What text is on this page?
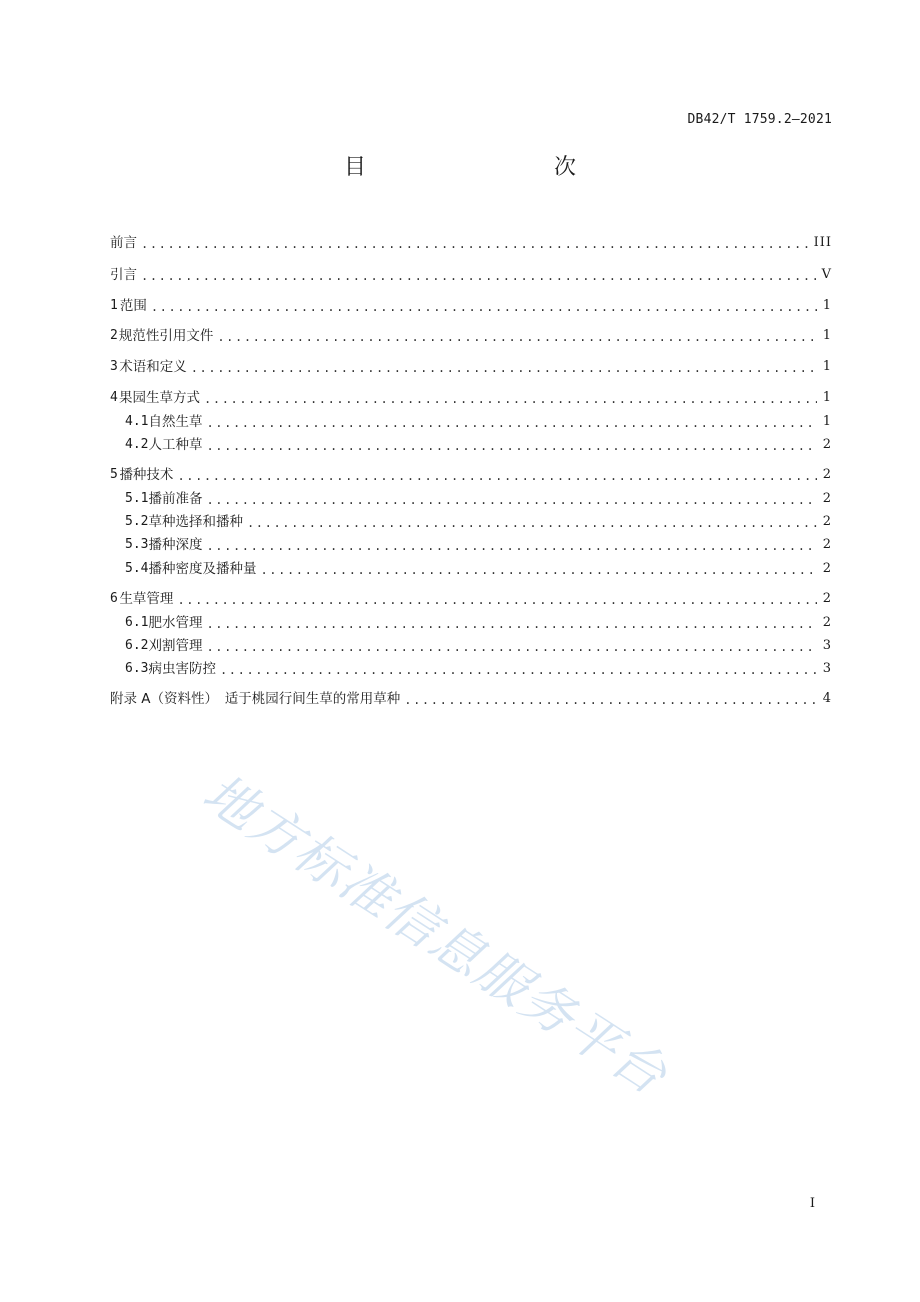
DB42/T 1759.2—2021
目　　次
前言 .....	III
引言 .....	V
1 范围 .....	1
2 规范性引用文件 .....	1
3 术语和定义 .....	1
4 果园生草方式 .....	1
4.1 自然生草 .....	1
4.2 人工种草 .....	2
5 播种技术 .....	2
5.1 播前准备 .....	2
5.2 草种选择和播种 .....	2
5.3 播种深度 .....	2
5.4 播种密度及播种量 .....	2
6 生草管理 .....	2
6.1 肥水管理 .....	2
6.2 刈割管理 .....	3
6.3 病虫害防控 .....	3
附录 A（资料性）　适于桃园行间生草的常用草种 .....	4
地方标准信息服务平台
I
